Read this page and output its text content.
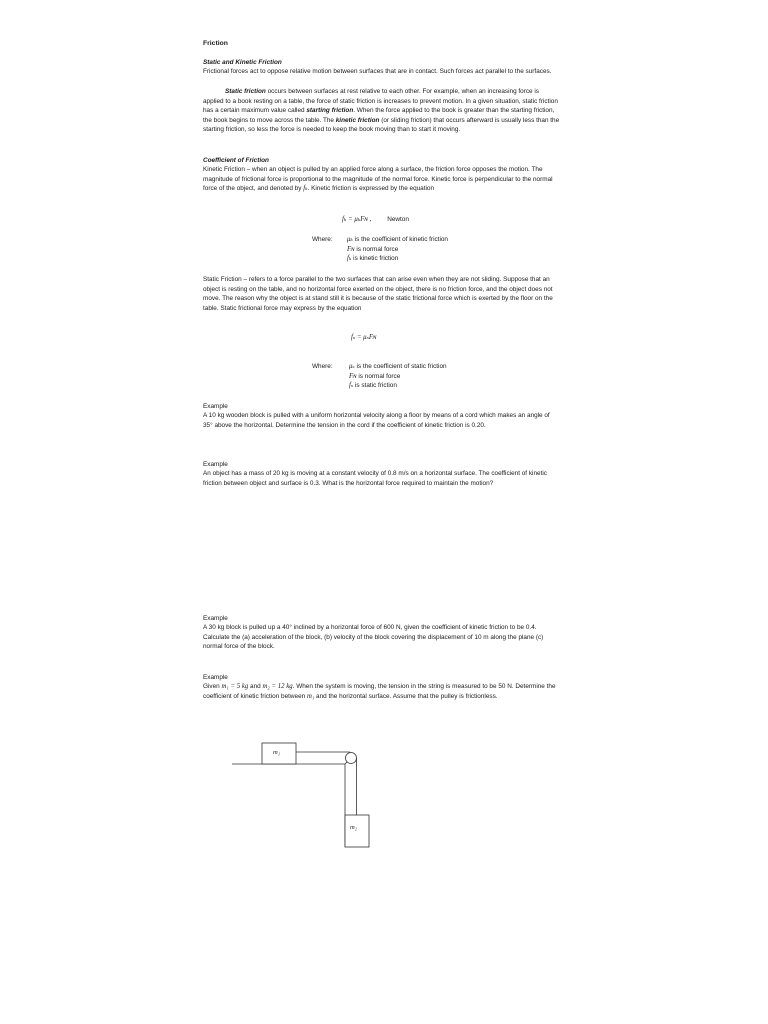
Friction
Static and Kinetic Friction
Frictional forces act to oppose relative motion between surfaces that are in contact. Such forces act parallel to the surfaces.
Static friction occurs between surfaces at rest relative to each other. For example, when an increasing force is applied to a book resting on a table, the force of static friction is increases to prevent motion. In a given situation, static friction has a certain maximum value called starting friction. When the force applied to the book is greater than the starting friction, the book begins to move across the table. The kinetic friction (or sliding friction) that occurs afterward is usually less than the starting friction, so less the force is needed to keep the book moving than to start it moving.
Coefficient of Friction
Kinetic Friction – when an object is pulled by an applied force along a surface, the friction force opposes the motion. The magnitude of frictional force is proportional to the magnitude of the normal force. Kinetic force is perpendicular to the normal force of the object, and denoted by fₖ. Kinetic friction is expressed by the equation
fₖ = μₖFɴ ,	Newton
Where: μₖ is the coefficient of kinetic friction
Fɴ is normal force
fₖ is kinetic friction
Static Friction – refers to a force parallel to the two surfaces that can arise even when they are not sliding. Suppose that an object is resting on the table, and no horizontal force exerted on the object, there is no friction force, and the object does not move. The reason why the object is at stand still it is because of the static frictional force which is exerted by the floor on the table. Static frictional force may express by the equation
fₛ = μₛFɴ
Where: μₛ is the coefficient of static friction
Fɴ is normal force
fₛ is static friction
Example
A 10 kg wooden block is pulled with a uniform horizontal velocity along a floor by means of a cord which makes an angle of 35° above the horizontal. Determine the tension in the cord if the coefficient of kinetic friction is 0.20.
Example
An object has a mass of 20 kg is moving at a constant velocity of 0.8 m/s on a horizontal surface. The coefficient of kinetic friction between object and surface is 0.3. What is the horizontal force required to maintain the motion?
Example
A 30 kg block is pulled up a 40° inclined by a horizontal force of 600 N, given the coefficient of kinetic friction to be 0.4. Calculate the (a) acceleration of the block, (b) velocity of the block covering the displacement of 10 m along the plane (c) normal force of the block.
Example
Given m₁ = 5 kg and m₂ = 12 kg. When the system is moving, the tension in the string is measured to be 50 N. Determine the coefficient of kinetic friction between m₁ and the horizontal surface. Assume that the pulley is frictionless.
m₁
m₂
